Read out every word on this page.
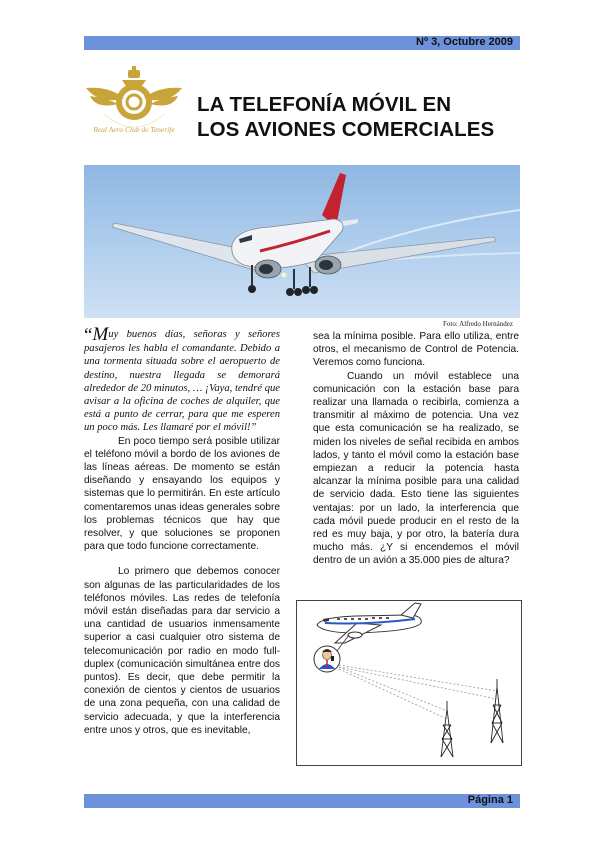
Nº 3, Octubre 2009
Real Aero Club de Tenerife
LA TELEFONÍA MÓVIL EN
LOS AVIONES COMERCIALES
Foto: Alfredo Hernández

“Muy buenos días, señoras y señores pasajeros les habla el comandante. Debido a una tormenta situada sobre el aeropuerto de destino, nuestra llegada se demorará alrededor de 20 minutos, … ¡Vaya, tendré que avisar a la oficina de coches de alquiler, que está a punto de cerrar, para que me esperen un poco más. Les llamaré por el móvil!”

En poco tiempo será posible utilizar el teléfono móvil a bordo de los aviones de las líneas aéreas. De momento se están diseñando y ensayando los equipos y sistemas que lo permitirán. En este artículo comentaremos unas ideas generales sobre los problemas técnicos que hay que resolver, y que soluciones se proponen para que todo funcione correctamente.

Lo primero que debemos conocer son algunas de las particularidades de los teléfonos móviles. Las redes de telefonía móvil están diseñadas para dar servicio a una cantidad de usuarios inmensamente superior a casi cualquier otro sistema de telecomunicación por radio en modo full-duplex (comunicación simultánea entre dos puntos). Es decir, que debe permitir la conexión de cientos y cientos de usuarios de una zona pequeña, con una calidad de servicio adecuada, y que la interferencia entre unos y otros, que es inevitable,

sea la mínima posible. Para ello utiliza, entre otros, el mecanismo de Control de Potencia. Veremos como funciona.

Cuando un móvil establece una comunicación con la estación base para realizar una llamada o recibirla, comienza a transmitir al máximo de potencia. Una vez que esta comunicación se ha realizado, se miden los niveles de señal recibida en ambos lados, y tanto el móvil como la estación base empiezan a reducir la potencia hasta alcanzar la mínima posible para una calidad de servicio dada. Esto tiene las siguientes ventajas: por un lado, la interferencia que cada móvil puede producir en el resto de la red es muy baja, y por otro, la batería dura mucho más. ¿Y si encendemos el móvil dentro de un avión a 35.000 pies de altura?

Página 1
